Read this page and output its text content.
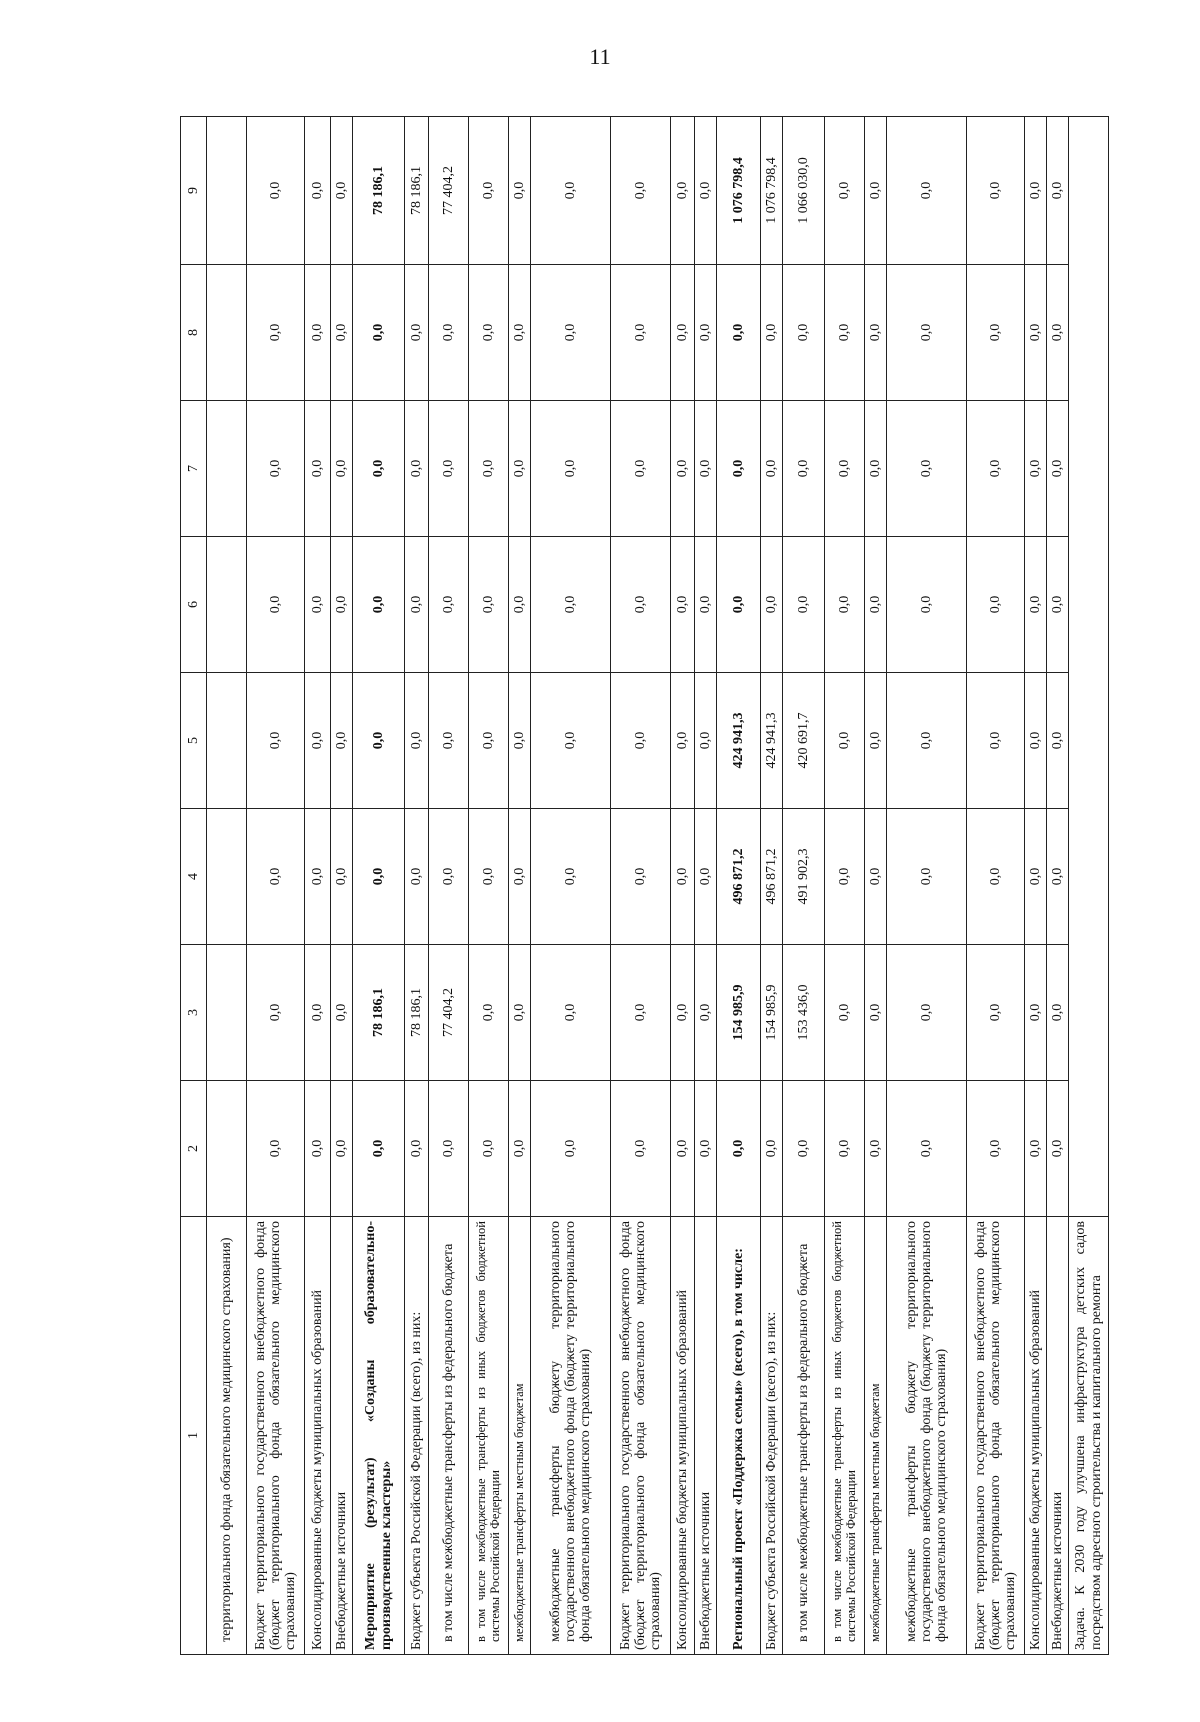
11
1	2	3	4	5	6	7	8	9
территориального фонда обязательного медицинского страхования)								
Бюджет территориального государственного внебюджетного фонда (бюджет территориального фонда обязательного медицинского страхования)	0,0	0,0	0,0	0,0	0,0	0,0	0,0	0,0
Консолидированные бюджеты муниципальных образований	0,0	0,0	0,0	0,0	0,0	0,0	0,0	0,0
Внебюджетные источники	0,0	0,0	0,0	0,0	0,0	0,0	0,0	0,0
Мероприятие (результат) «Созданы образовательно-производственные кластеры»	0,0	78 186,1	0,0	0,0	0,0	0,0	0,0	78 186,1
Бюджет субъекта Российской Федерации (всего), из них:	0,0	78 186,1	0,0	0,0	0,0	0,0	0,0	78 186,1
в том числе межбюджетные трансферты из федерального бюджета	0,0	77 404,2	0,0	0,0	0,0	0,0	0,0	77 404,2
в том числе межбюджетные трансферты из иных бюджетов бюджетной системы Российской Федерации	0,0	0,0	0,0	0,0	0,0	0,0	0,0	0,0
межбюджетные трансферты местным бюджетам	0,0	0,0	0,0	0,0	0,0	0,0	0,0	0,0
межбюджетные трансферты бюджету территориального государственного внебюджетного фонда (бюджету территориального фонда обязательного медицинского страхования)	0,0	0,0	0,0	0,0	0,0	0,0	0,0	0,0
Бюджет территориального государственного внебюджетного фонда (бюджет территориального фонда обязательного медицинского страхования)	0,0	0,0	0,0	0,0	0,0	0,0	0,0	0,0
Консолидированные бюджеты муниципальных образований	0,0	0,0	0,0	0,0	0,0	0,0	0,0	0,0
Внебюджетные источники	0,0	0,0	0,0	0,0	0,0	0,0	0,0	0,0
Региональный проект «Поддержка семьи» (всего), в том числе:	0,0	154 985,9	496 871,2	424 941,3	0,0	0,0	0,0	1 076 798,4
Бюджет субъекта Российской Федерации (всего), из них:	0,0	154 985,9	496 871,2	424 941,3	0,0	0,0	0,0	1 076 798,4
в том числе межбюджетные трансферты из федерального бюджета	0,0	153 436,0	491 902,3	420 691,7	0,0	0,0	0,0	1 066 030,0
в том числе межбюджетные трансферты из иных бюджетов бюджетной системы Российской Федерации	0,0	0,0	0,0	0,0	0,0	0,0	0,0	0,0
межбюджетные трансферты местным бюджетам	0,0	0,0	0,0	0,0	0,0	0,0	0,0	0,0
межбюджетные трансферты бюджету территориального государственного внебюджетного фонда (бюджету территориального фонда обязательного медицинского страхования)	0,0	0,0	0,0	0,0	0,0	0,0	0,0	0,0
Бюджет территориального государственного внебюджетного фонда (бюджет территориального фонда обязательного медицинского страхования)	0,0	0,0	0,0	0,0	0,0	0,0	0,0	0,0
Консолидированные бюджеты муниципальных образований	0,0	0,0	0,0	0,0	0,0	0,0	0,0	0,0
Внебюджетные источники	0,0	0,0	0,0	0,0	0,0	0,0	0,0	0,0
Задача. К 2030 году улучшена инфраструктура детских садов посредством адресного строительства и капитального ремонта								
